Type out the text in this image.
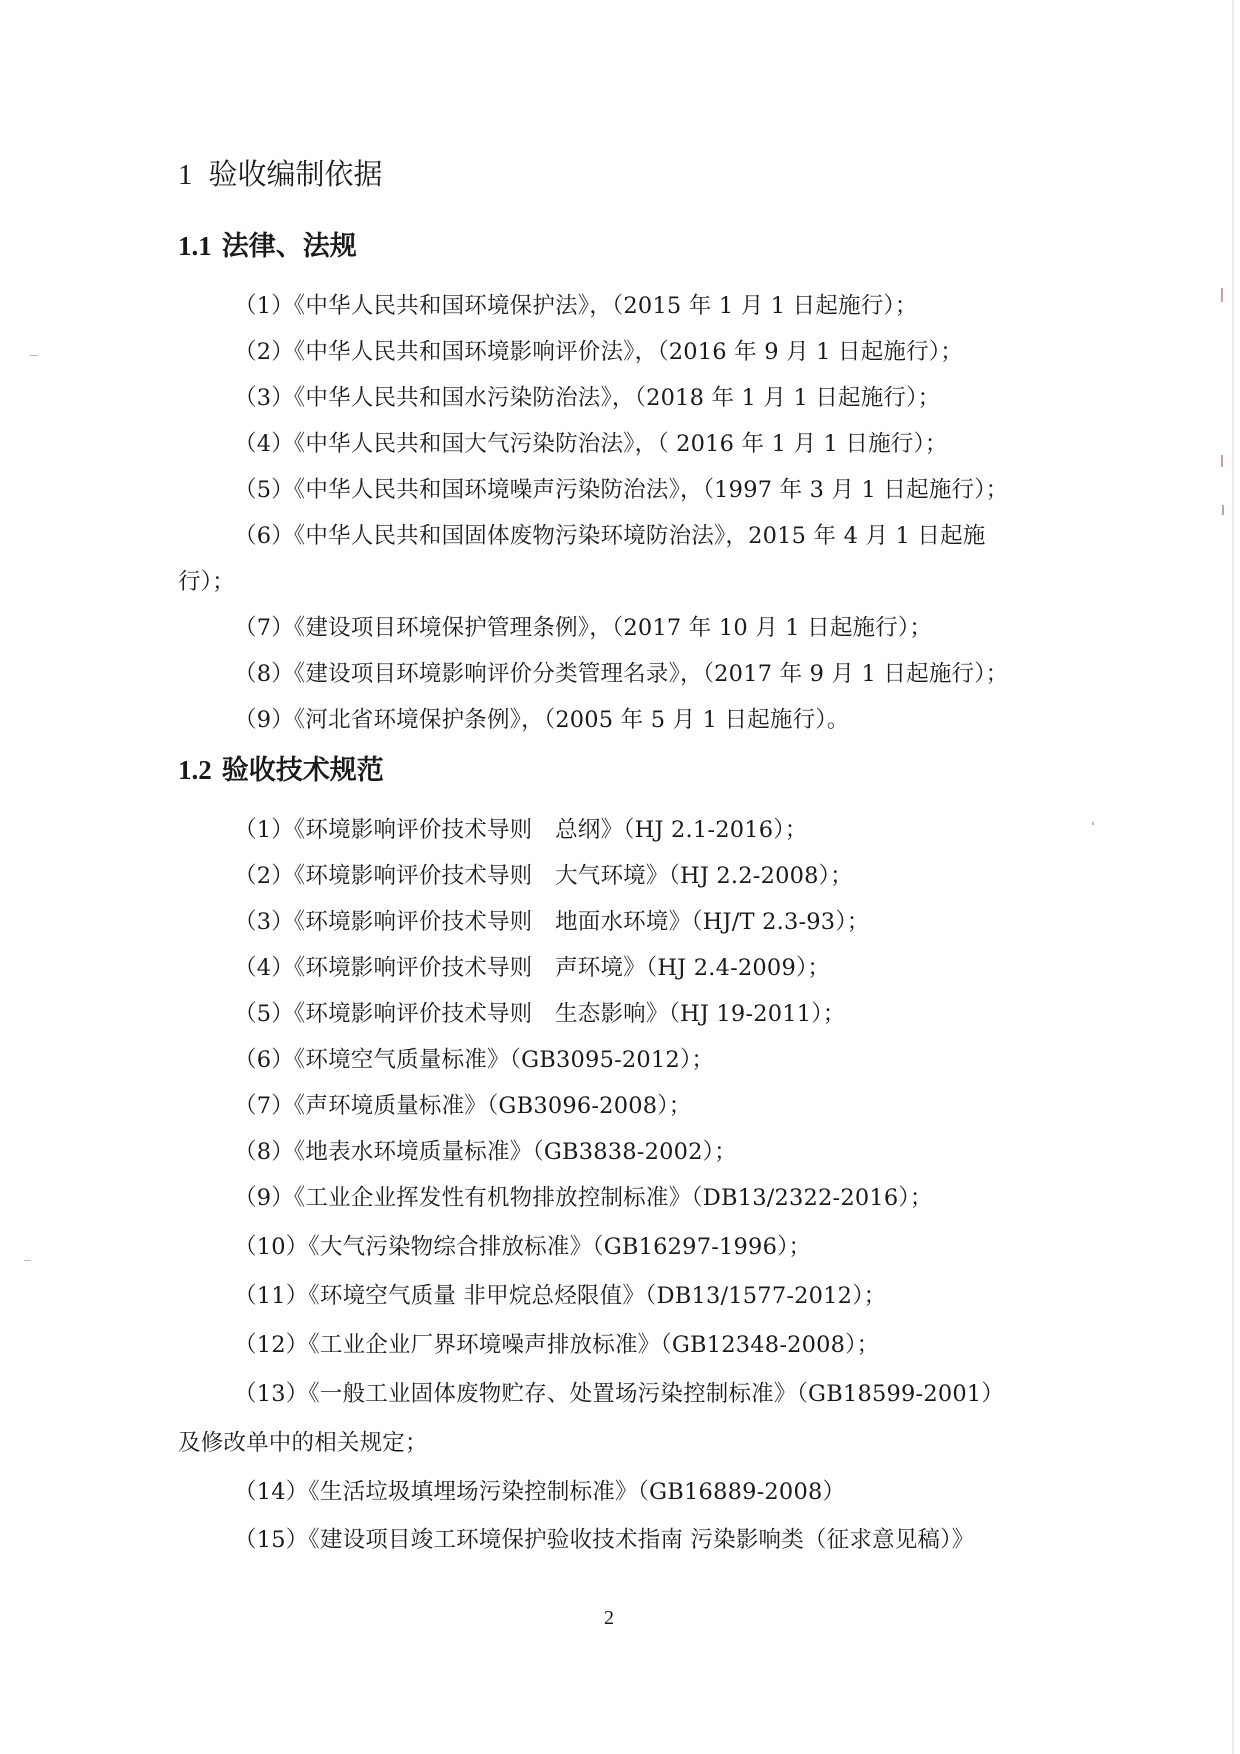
1 验收编制依据
1.1 法律、法规
（1）《中华人民共和国环境保护法》，（2015 年 1 月 1 日起施行）；
（2）《中华人民共和国环境影响评价法》，（2016 年 9 月 1 日起施行）；
（3）《中华人民共和国水污染防治法》，（2018 年 1 月 1 日起施行）；
（4）《中华人民共和国大气污染防治法》，（ 2016 年 1 月 1 日施行）；
（5）《中华人民共和国环境噪声污染防治法》，（1997 年 3 月 1 日起施行）；
（6）《中华人民共和国固体废物污染环境防治法》，2015 年 4 月 1 日起施
行）；
（7）《建设项目环境保护管理条例》，（2017 年 10 月 1 日起施行）；
（8）《建设项目环境影响评价分类管理名录》，（2017 年 9 月 1 日起施行）；
（9）《河北省环境保护条例》，（2005 年 5 月 1 日起施行）。
1.2 验收技术规范
（1）《环境影响评价技术导则　总纲》（HJ 2.1-2016）；
（2）《环境影响评价技术导则　大气环境》（HJ 2.2-2008）；
（3）《环境影响评价技术导则　地面水环境》（HJ/T 2.3-93）；
（4）《环境影响评价技术导则　声环境》（HJ 2.4-2009）；
（5）《环境影响评价技术导则　生态影响》（HJ 19-2011）；
（6）《环境空气质量标准》（GB3095-2012）；
（7）《声环境质量标准》（GB3096-2008）；
（8）《地表水环境质量标准》（GB3838-2002）；
（9）《工业企业挥发性有机物排放控制标准》（DB13/2322-2016）；
（10）《大气污染物综合排放标准》（GB16297-1996）；
（11）《环境空气质量 非甲烷总烃限值》（DB13/1577-2012）；
（12）《工业企业厂界环境噪声排放标准》（GB12348-2008）；
（13）《一般工业固体废物贮存、处置场污染控制标准》（GB18599-2001）
及修改单中的相关规定；
（14）《生活垃圾填埋场污染控制标准》（GB16889-2008）
（15）《建设项目竣工环境保护验收技术指南 污染影响类（征求意见稿）》
2
